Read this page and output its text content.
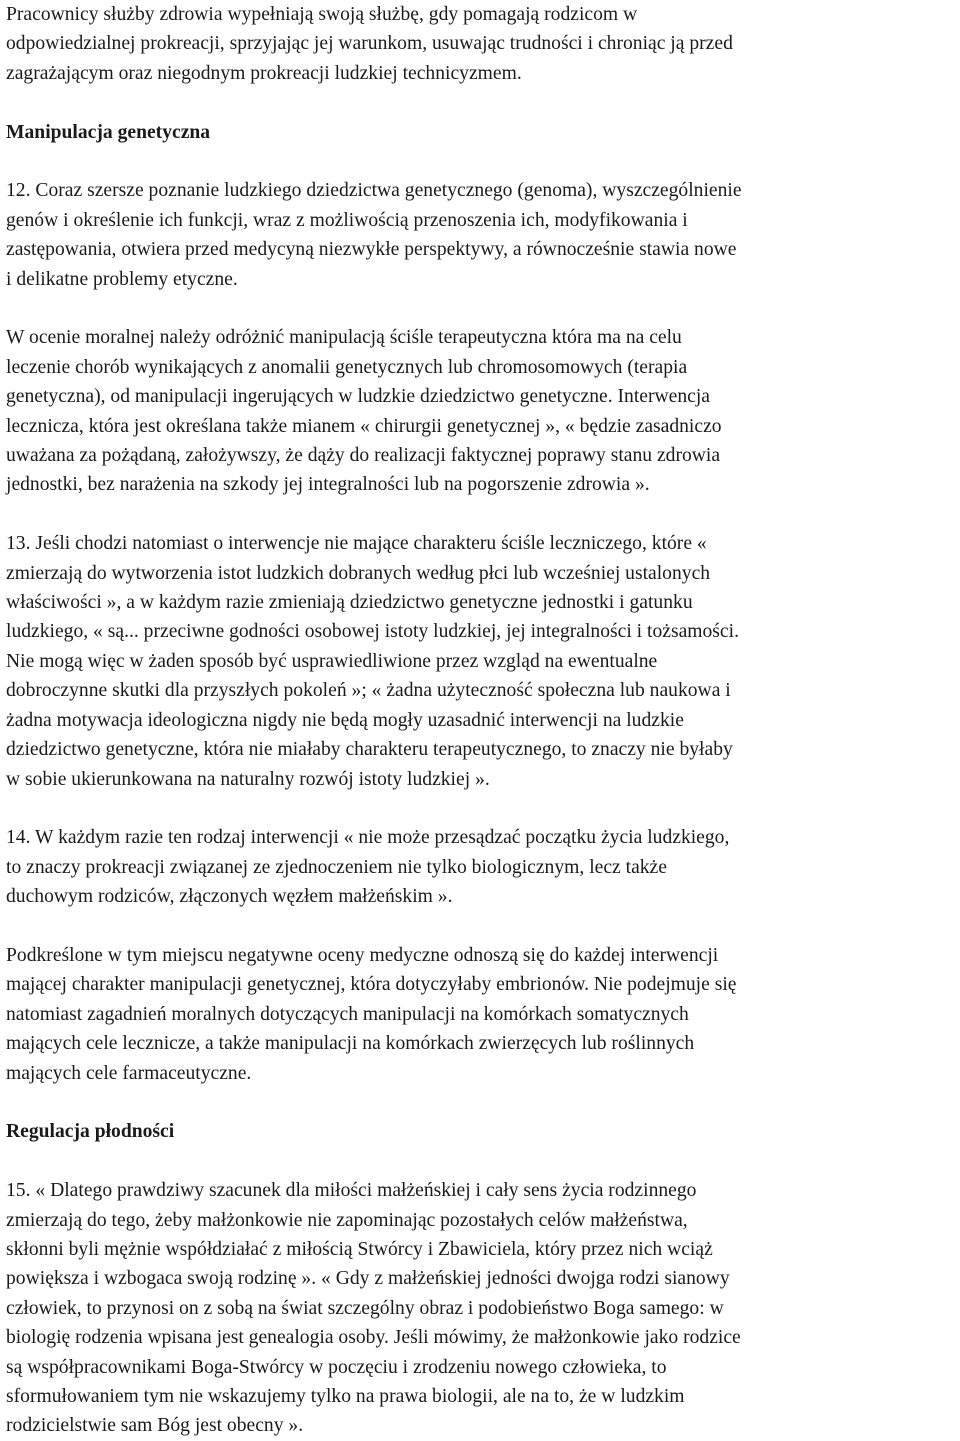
Pracownicy służby zdrowia wypełniają swoją służbę, gdy pomagają rodzicom w
odpowiedzialnej prokreacji, sprzyjając jej warunkom, usuwając trudności i chroniąc ją przed
zagrażającym oraz niegodnym prokreacji ludzkiej technicyzmem.

Manipulacja genetyczna

12. Coraz szersze poznanie ludzkiego dziedzictwa genetycznego (genoma), wyszczególnienie
genów i określenie ich funkcji, wraz z możliwością przenoszenia ich, modyfikowania i
zastępowania, otwiera przed medycyną niezwykłe perspektywy, a równocześnie stawia nowe
i delikatne problemy etyczne.

W ocenie moralnej należy odróżnić manipulacją ściśle terapeutyczna która ma na celu
leczenie chorób wynikających z anomalii genetycznych lub chromosomowych (terapia
genetyczna), od manipulacji ingerujących w ludzkie dziedzictwo genetyczne. Interwencja
lecznicza, która jest określana także mianem « chirurgii genetycznej », « będzie zasadniczo
uważana za pożądaną, założywszy, że dąży do realizacji faktycznej poprawy stanu zdrowia
jednostki, bez narażenia na szkody jej integralności lub na pogorszenie zdrowia ».

13. Jeśli chodzi natomiast o interwencje nie mające charakteru ściśle leczniczego, które «
zmierzają do wytworzenia istot ludzkich dobranych według płci lub wcześniej ustalonych
właściwości », a w każdym razie zmieniają dziedzictwo genetyczne jednostki i gatunku
ludzkiego, « są... przeciwne godności osobowej istoty ludzkiej, jej integralności i tożsamości.
Nie mogą więc w żaden sposób być usprawiedliwione przez wzgląd na ewentualne
dobroczynne skutki dla przyszłych pokoleń »; « żadna użyteczność społeczna lub naukowa i
żadna motywacja ideologiczna nigdy nie będą mogły uzasadnić interwencji na ludzkie
dziedzictwo genetyczne, która nie miałaby charakteru terapeutycznego, to znaczy nie byłaby
w sobie ukierunkowana na naturalny rozwój istoty ludzkiej ».

14. W każdym razie ten rodzaj interwencji « nie może przesądzać początku życia ludzkiego,
to znaczy prokreacji związanej ze zjednoczeniem nie tylko biologicznym, lecz także
duchowym rodziców, złączonych węzłem małżeńskim ».

Podkreślone w tym miejscu negatywne oceny medyczne odnoszą się do każdej interwencji
mającej charakter manipulacji genetycznej, która dotyczyłaby embrionów. Nie podejmuje się
natomiast zagadnień moralnych dotyczących manipulacji na komórkach somatycznych
mających cele lecznicze, a także manipulacji na komórkach zwierzęcych lub roślinnych
mających cele farmaceutyczne.

Regulacja płodności

15. « Dlatego prawdziwy szacunek dla miłości małżeńskiej i cały sens życia rodzinnego
zmierzają do tego, żeby małżonkowie nie zapominając pozostałych celów małżeństwa,
skłonni byli mężnie współdziałać z miłością Stwórcy i Zbawiciela, który przez nich wciąż
powiększa i wzbogaca swoją rodzinę ». « Gdy z małżeńskiej jedności dwojga rodzi sianowy
człowiek, to przynosi on z sobą na świat szczególny obraz i podobieństwo Boga samego: w
biologię rodzenia wpisana jest genealogia osoby. Jeśli mówimy, że małżonkowie jako rodzice
są współpracownikami Boga-Stwórcy w poczęciu i zrodzeniu nowego człowieka, to
sformułowaniem tym nie wskazujemy tylko na prawa biologii, ale na to, że w ludzkim
rodzicielstwie sam Bóg jest obecny ».
